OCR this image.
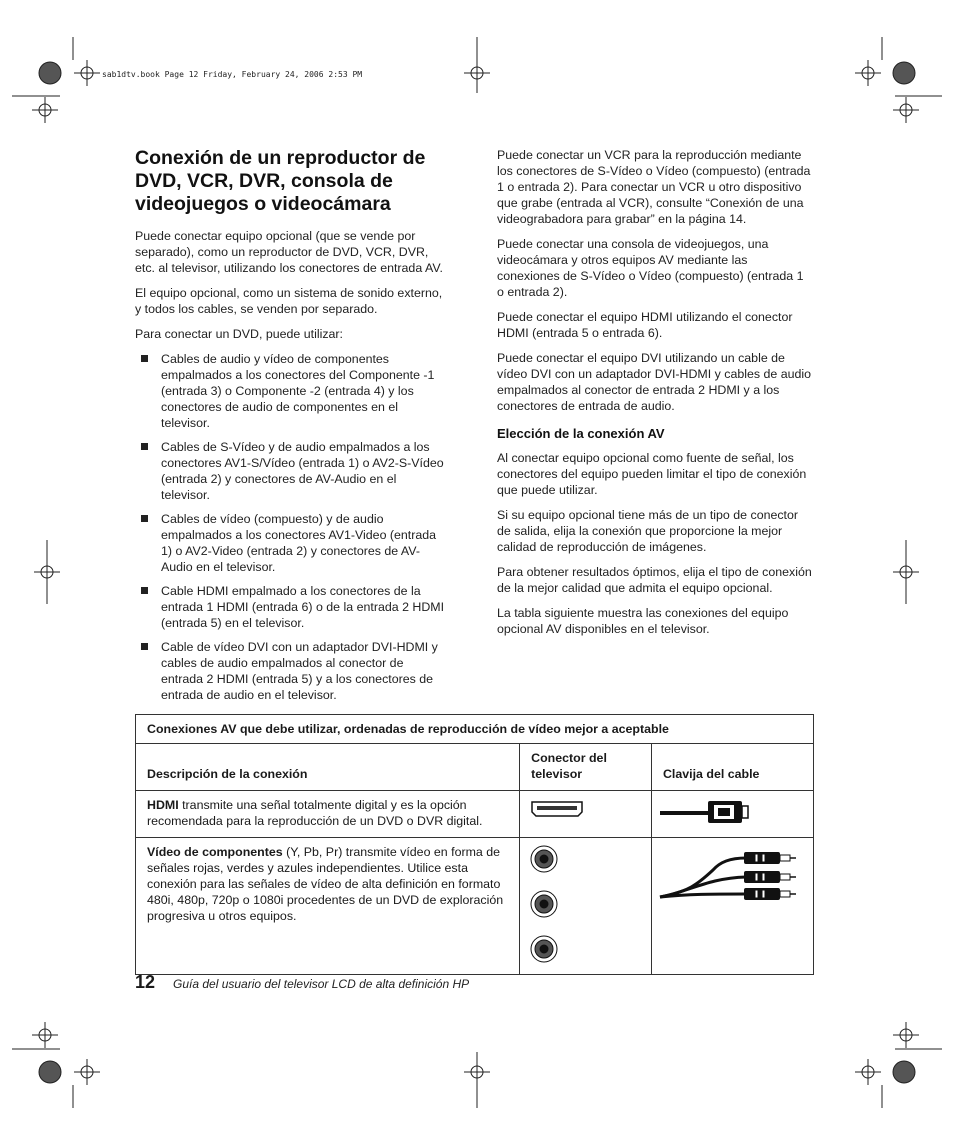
sab1dtv.book Page 12 Friday, February 24, 2006 2:53 PM
Conexión de un reproductor de DVD, VCR, DVR, consola de videojuegos o videocámara

Puede conectar equipo opcional (que se vende por separado), como un reproductor de DVD, VCR, DVR, etc. al televisor, utilizando los conectores de entrada AV.

El equipo opcional, como un sistema de sonido externo, y todos los cables, se venden por separado.

Para conectar un DVD, puede utilizar:

Cables de audio y vídeo de componentes empalmados a los conectores del Componente -1 (entrada 3) o Componente -2 (entrada 4) y los conectores de audio de componentes en el televisor.
Cables de S-Vídeo y de audio empalmados a los conectores AV1-S/Vídeo (entrada 1) o AV2-S-Vídeo (entrada 2) y conectores de AV-Audio en el televisor.
Cables de vídeo (compuesto) y de audio empalmados a los conectores AV1-Video (entrada 1) o AV2-Video (entrada 2) y conectores de AV-Audio en el televisor.
Cable HDMI empalmado a los conectores de la entrada 1 HDMI (entrada 6) o de la entrada 2 HDMI (entrada 5) en el televisor.
Cable de vídeo DVI con un adaptador DVI-HDMI y cables de audio empalmados al conector de entrada 2 HDMI (entrada 5) y a los conectores de entrada de audio en el televisor.

Puede conectar un VCR para la reproducción mediante los conectores de S-Vídeo o Vídeo (compuesto) (entrada 1 o entrada 2). Para conectar un VCR u otro dispositivo que grabe (entrada al VCR), consulte “Conexión de una videograbadora para grabar” en la página 14.

Puede conectar una consola de videojuegos, una videocámara y otros equipos AV mediante las conexiones de S-Vídeo o Vídeo (compuesto) (entrada 1 o entrada 2).

Puede conectar el equipo HDMI utilizando el conector HDMI (entrada 5 o entrada 6).

Puede conectar el equipo DVI utilizando un cable de vídeo DVI con un adaptador DVI-HDMI y cables de audio empalmados al conector de entrada 2 HDMI y a los conectores de entrada de audio.

Elección de la conexión AV

Al conectar equipo opcional como fuente de señal, los conectores del equipo pueden limitar el tipo de conexión que puede utilizar.

Si su equipo opcional tiene más de un tipo de conector de salida, elija la conexión que proporcione la mejor calidad de reproducción de imágenes.

Para obtener resultados óptimos, elija el tipo de conexión de la mejor calidad que admita el equipo opcional.

La tabla siguiente muestra las conexiones del equipo opcional AV disponibles en el televisor.

Conexiones AV que debe utilizar, ordenadas de reproducción de vídeo mejor a aceptable		
Descripción de la conexión	Conector del televisor	Clavija del cable
HDMI transmite una señal totalmente digital y es la opción recomendada para la reproducción de un DVD o DVR digital.		
Vídeo de componentes (Y, Pb, Pr) transmite vídeo en forma de señales rojas, verdes y azules independientes. Utilice esta conexión para las señales de vídeo de alta definición en formato 480i, 480p, 720p o 1080i procedentes de un DVD de exploración progresiva u otros equipos.		
12 Guía del usuario del televisor LCD de alta definición HP
